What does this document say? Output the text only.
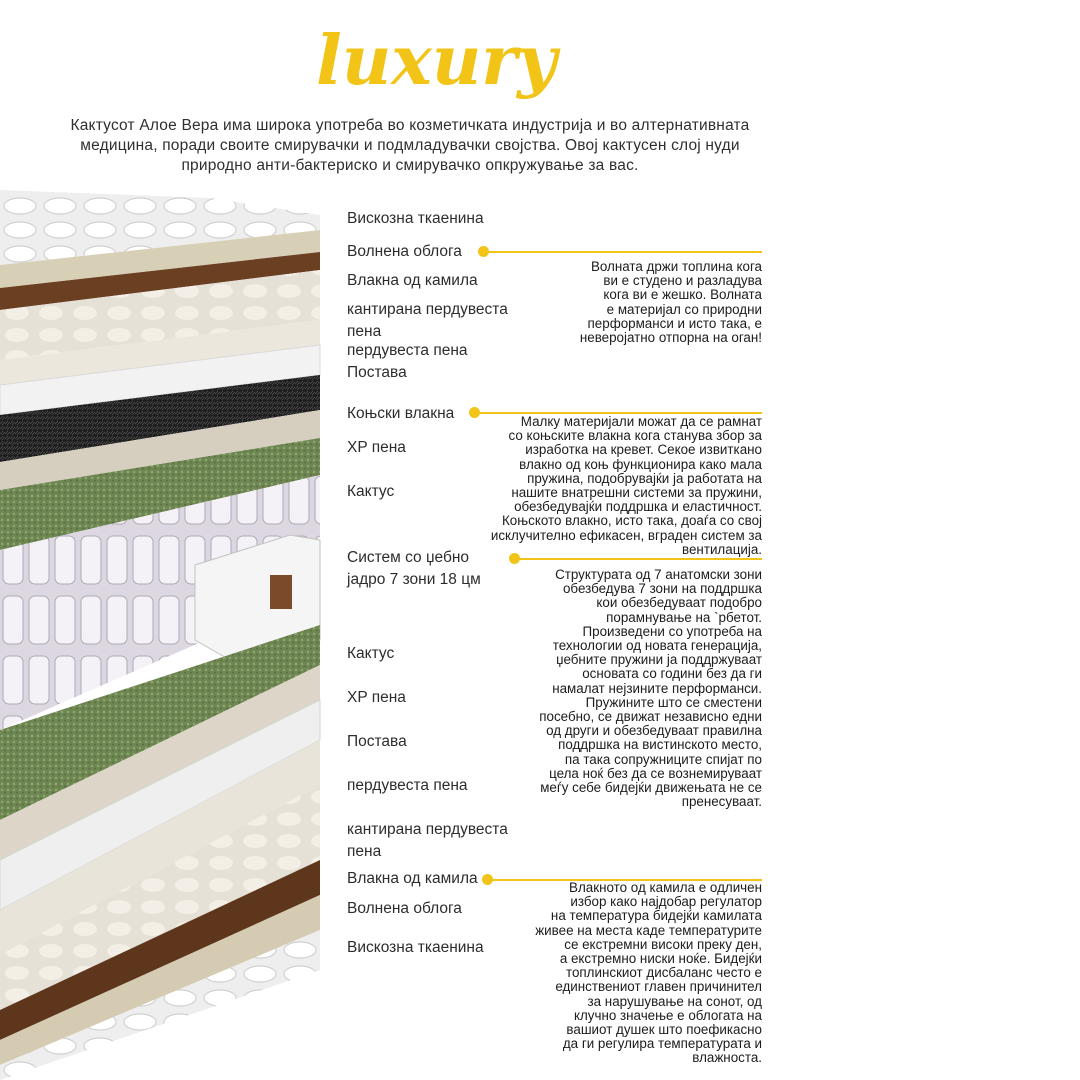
luxury
Кактусот Алое Вера има широка употреба во козметичката индустрија и во алтернативната медицина, поради своите смирувачки и подмладувачки својства. Овој кактусен слој нуди природно анти-бактериско и смирувачко опкружување за вас.
Вискозна ткаенина
Волнена облога
Влакна од камила
кантирана пердувеста
пена
пердувеста пена
Постава
Коњски влакна
XP пена
Кактус
Систем со џебно
јадро 7 зони 18 цм
Кактус
XP пена
Постава
пердувеста пена
кантирана пердувеста
пена
Влакна од камила
Волнена облога
Вискозна ткаенина
Волната држи топлина кога
ви е студено и разладува
кога ви е жешко. Волната
е материјал со природни
перформанси и исто така, е
неверојатно отпорна на оган!
Малку материјали можат да се рамнат
со коњските влакна кога станува збор за
изработка на кревет. Секое извиткано
влакно од коњ функционира како мала
пружина, подобрувајќи ја работата на
нашите внатрешни системи за пружини,
обезбедувајќи поддршка и еластичност.
Коњското влакно, исто така, доаѓа со свој
исклучително ефикасен, вграден систем за
вентилација.
Структурата од 7 анатомски зони
обезбедува 7 зони на поддршка
кои обезбедуваат подобро
порамнување на `рбетот.
Произведени со употреба на
технологии од новата генерација,
џебните пружини ја поддржуваат
основата со години без да ги
намалат нејзините перформанси.
Пружините што се сместени
посебно, се движат независно едни
од други и обезбедуваат правилна
поддршка на вистинското место,
па така сопружниците спијат по
цела ноќ без да се вознемируваат
меѓу себе бидејќи движењата не се
пренесуваат.
Влакното од камила е одличен
избор како најдобар регулатор
на температура бидејќи камилата
живее на места каде температурите
се екстремни високи преку ден,
а екстремно ниски ноќе. Бидејќи
топлинскиот дисбаланс често е
единствениот главен причинител
за нарушување на сонот, од
клучно значење е облогата на
вашиот душек што поефикасно
да ги регулира температурата и
влажноста.
